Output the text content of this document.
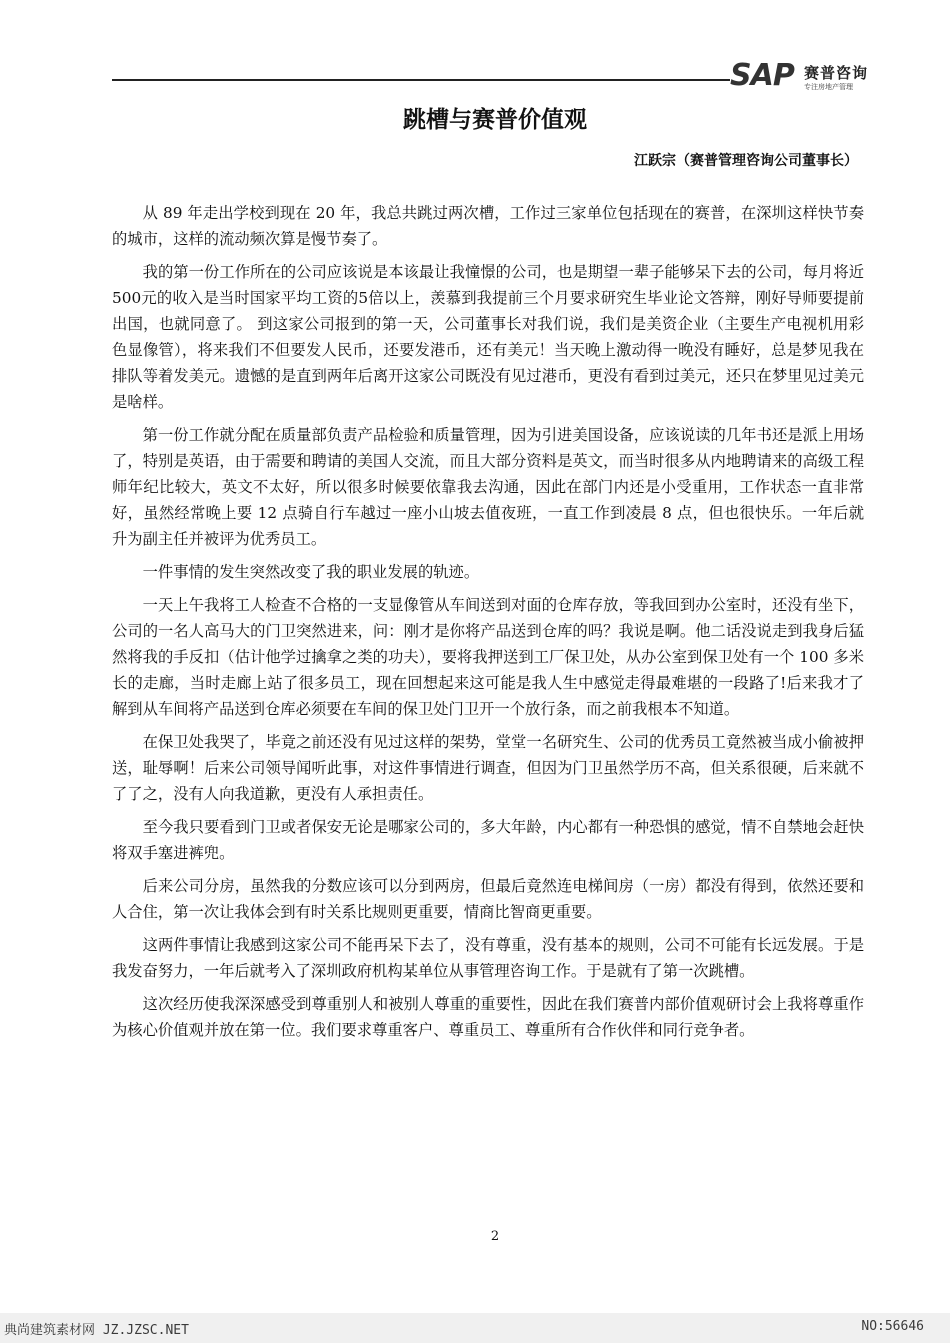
SAP 赛普咨询
专注房地产管理
跳槽与赛普价值观
江跃宗（赛普管理咨询公司董事长）

从 89 年走出学校到现在 20 年，我总共跳过两次槽，工作过三家单位包括现在的赛普，在深圳这样快节奏的城市，这样的流动频次算是慢节奏了。

我的第一份工作所在的公司应该说是本该最让我憧憬的公司，也是期望一辈子能够呆下去的公司，每月将近500元的收入是当时国家平均工资的5倍以上，羡慕到我提前三个月要求研究生毕业论文答辩，刚好导师要提前出国，也就同意了。 到这家公司报到的第一天，公司董事长对我们说，我们是美资企业（主要生产电视机用彩色显像管），将来我们不但要发人民币，还要发港币，还有美元！当天晚上激动得一晚没有睡好，总是梦见我在排队等着发美元。遗憾的是直到两年后离开这家公司既没有见过港币，更没有看到过美元，还只在梦里见过美元是啥样。

第一份工作就分配在质量部负责产品检验和质量管理，因为引进美国设备，应该说读的几年书还是派上用场了，特别是英语，由于需要和聘请的美国人交流，而且大部分资料是英文，而当时很多从内地聘请来的高级工程师年纪比较大，英文不太好，所以很多时候要依靠我去沟通，因此在部门内还是小受重用，工作状态一直非常好，虽然经常晚上要 12 点骑自行车越过一座小山坡去值夜班，一直工作到凌晨 8 点，但也很快乐。一年后就升为副主任并被评为优秀员工。

一件事情的发生突然改变了我的职业发展的轨迹。

一天上午我将工人检查不合格的一支显像管从车间送到对面的仓库存放，等我回到办公室时，还没有坐下，公司的一名人高马大的门卫突然进来，问：刚才是你将产品送到仓库的吗？我说是啊。他二话没说走到我身后猛然将我的手反扣（估计他学过擒拿之类的功夫），要将我押送到工厂保卫处，从办公室到保卫处有一个 100 多米长的走廊，当时走廊上站了很多员工，现在回想起来这可能是我人生中感觉走得最难堪的一段路了!后来我才了解到从车间将产品送到仓库必须要在车间的保卫处门卫开一个放行条，而之前我根本不知道。

在保卫处我哭了，毕竟之前还没有见过这样的架势，堂堂一名研究生、公司的优秀员工竟然被当成小偷被押送，耻辱啊！后来公司领导闻听此事，对这件事情进行调查，但因为门卫虽然学历不高，但关系很硬，后来就不了了之，没有人向我道歉，更没有人承担责任。

至今我只要看到门卫或者保安无论是哪家公司的，多大年龄，内心都有一种恐惧的感觉，情不自禁地会赶快将双手塞进裤兜。

后来公司分房，虽然我的分数应该可以分到两房，但最后竟然连电梯间房（一房）都没有得到，依然还要和人合住，第一次让我体会到有时关系比规则更重要，情商比智商更重要。

这两件事情让我感到这家公司不能再呆下去了，没有尊重，没有基本的规则，公司不可能有长远发展。于是我发奋努力，一年后就考入了深圳政府机构某单位从事管理咨询工作。于是就有了第一次跳槽。

这次经历使我深深感受到尊重别人和被别人尊重的重要性，因此在我们赛普内部价值观研讨会上我将尊重作为核心价值观并放在第一位。我们要求尊重客户、尊重员工、尊重所有合作伙伴和同行竞争者。

2
典尚建筑素材网 JZ.JZSC.NET	NO:56646
